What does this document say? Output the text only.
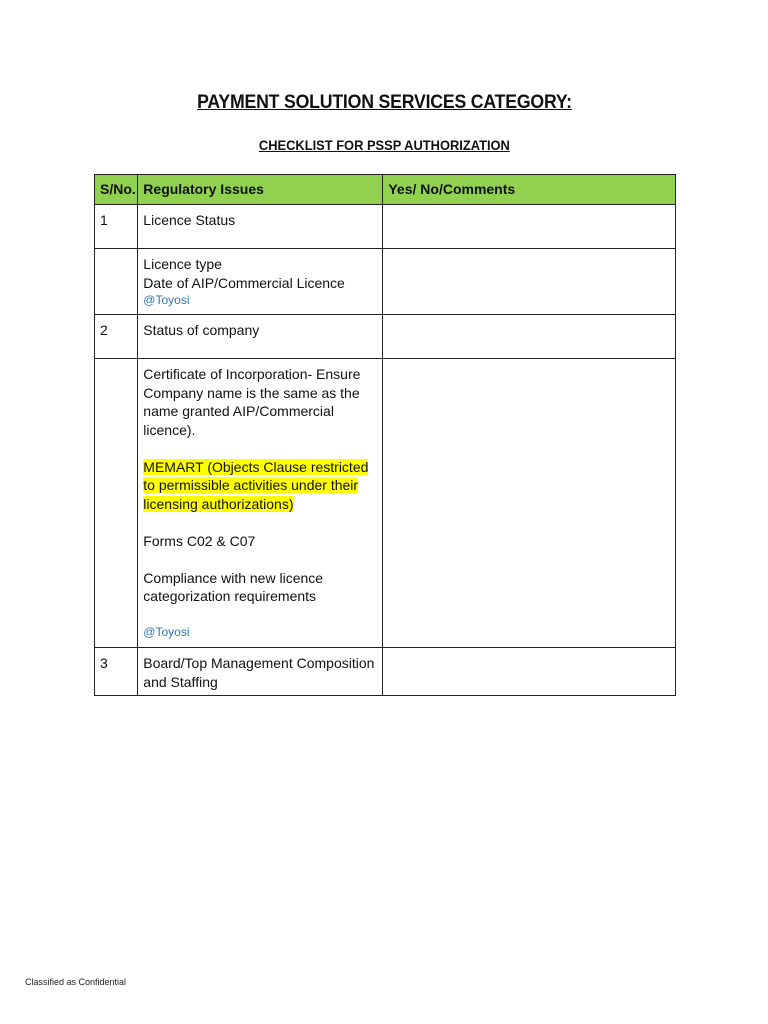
PAYMENT SOLUTION SERVICES CATEGORY:
CHECKLIST FOR PSSP AUTHORIZATION
S/No.	Regulatory Issues	Yes/ No/Comments
1	Licence Status	

	Licence type
Date of AIP/Commercial Licence
@Toyosi	

2	Status of company	

	Certificate of Incorporation- Ensure Company name is the same as the name granted AIP/Commercial licence).

MEMART (Objects Clause restricted to permissible activities under their licensing authorizations)

Forms C02 & C07

Compliance with new licence categorization requirements

@Toyosi	

3	Board/Top Management Composition and Staffing	
Classified as Confidential
